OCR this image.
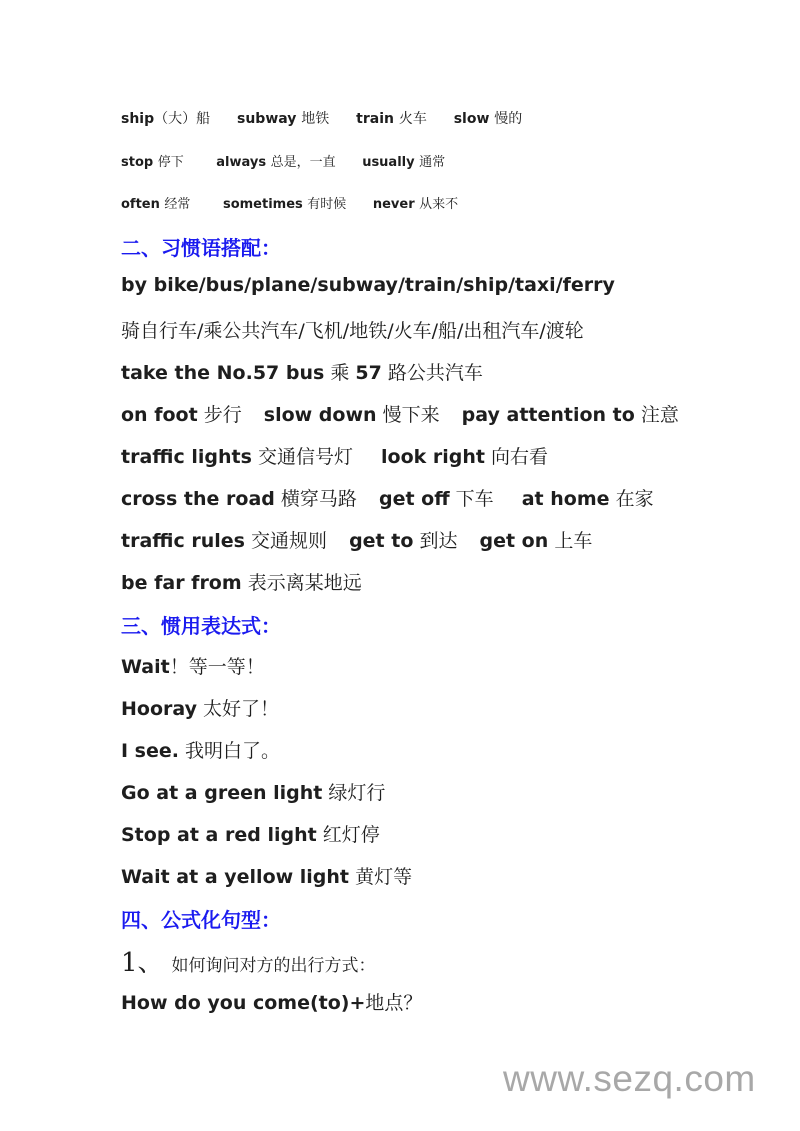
ship（大）船 subway 地铁 train 火车 slow 慢的
stop 停下	always 总是，一直 usually 通常
often 经常	sometimes 有时候 never 从来不
二、习惯语搭配：
by bike/bus/plane/subway/train/ship/taxi/ferry
骑自行车/乘公共汽车/飞机/地铁/火车/船/出租汽车/渡轮
take the No.57 bus 乘 57 路公共汽车
on foot 步行 slow down 慢下来 pay attention to 注意
traffic lights 交通信号灯 look right 向右看
cross the road 横穿马路 get off 下车 at home 在家
traffic rules 交通规则 get to 到达 get on 上车
be far from 表示离某地远
三、惯用表达式：
Wait！等一等！
Hooray 太好了！
I see. 我明白了。
Go at a green light 绿灯行
Stop at a red light 红灯停
Wait at a yellow light 黄灯等
四、公式化句型：
1、 如何询问对方的出行方式：
How do you come(to)+地点？
www.sezq.com
